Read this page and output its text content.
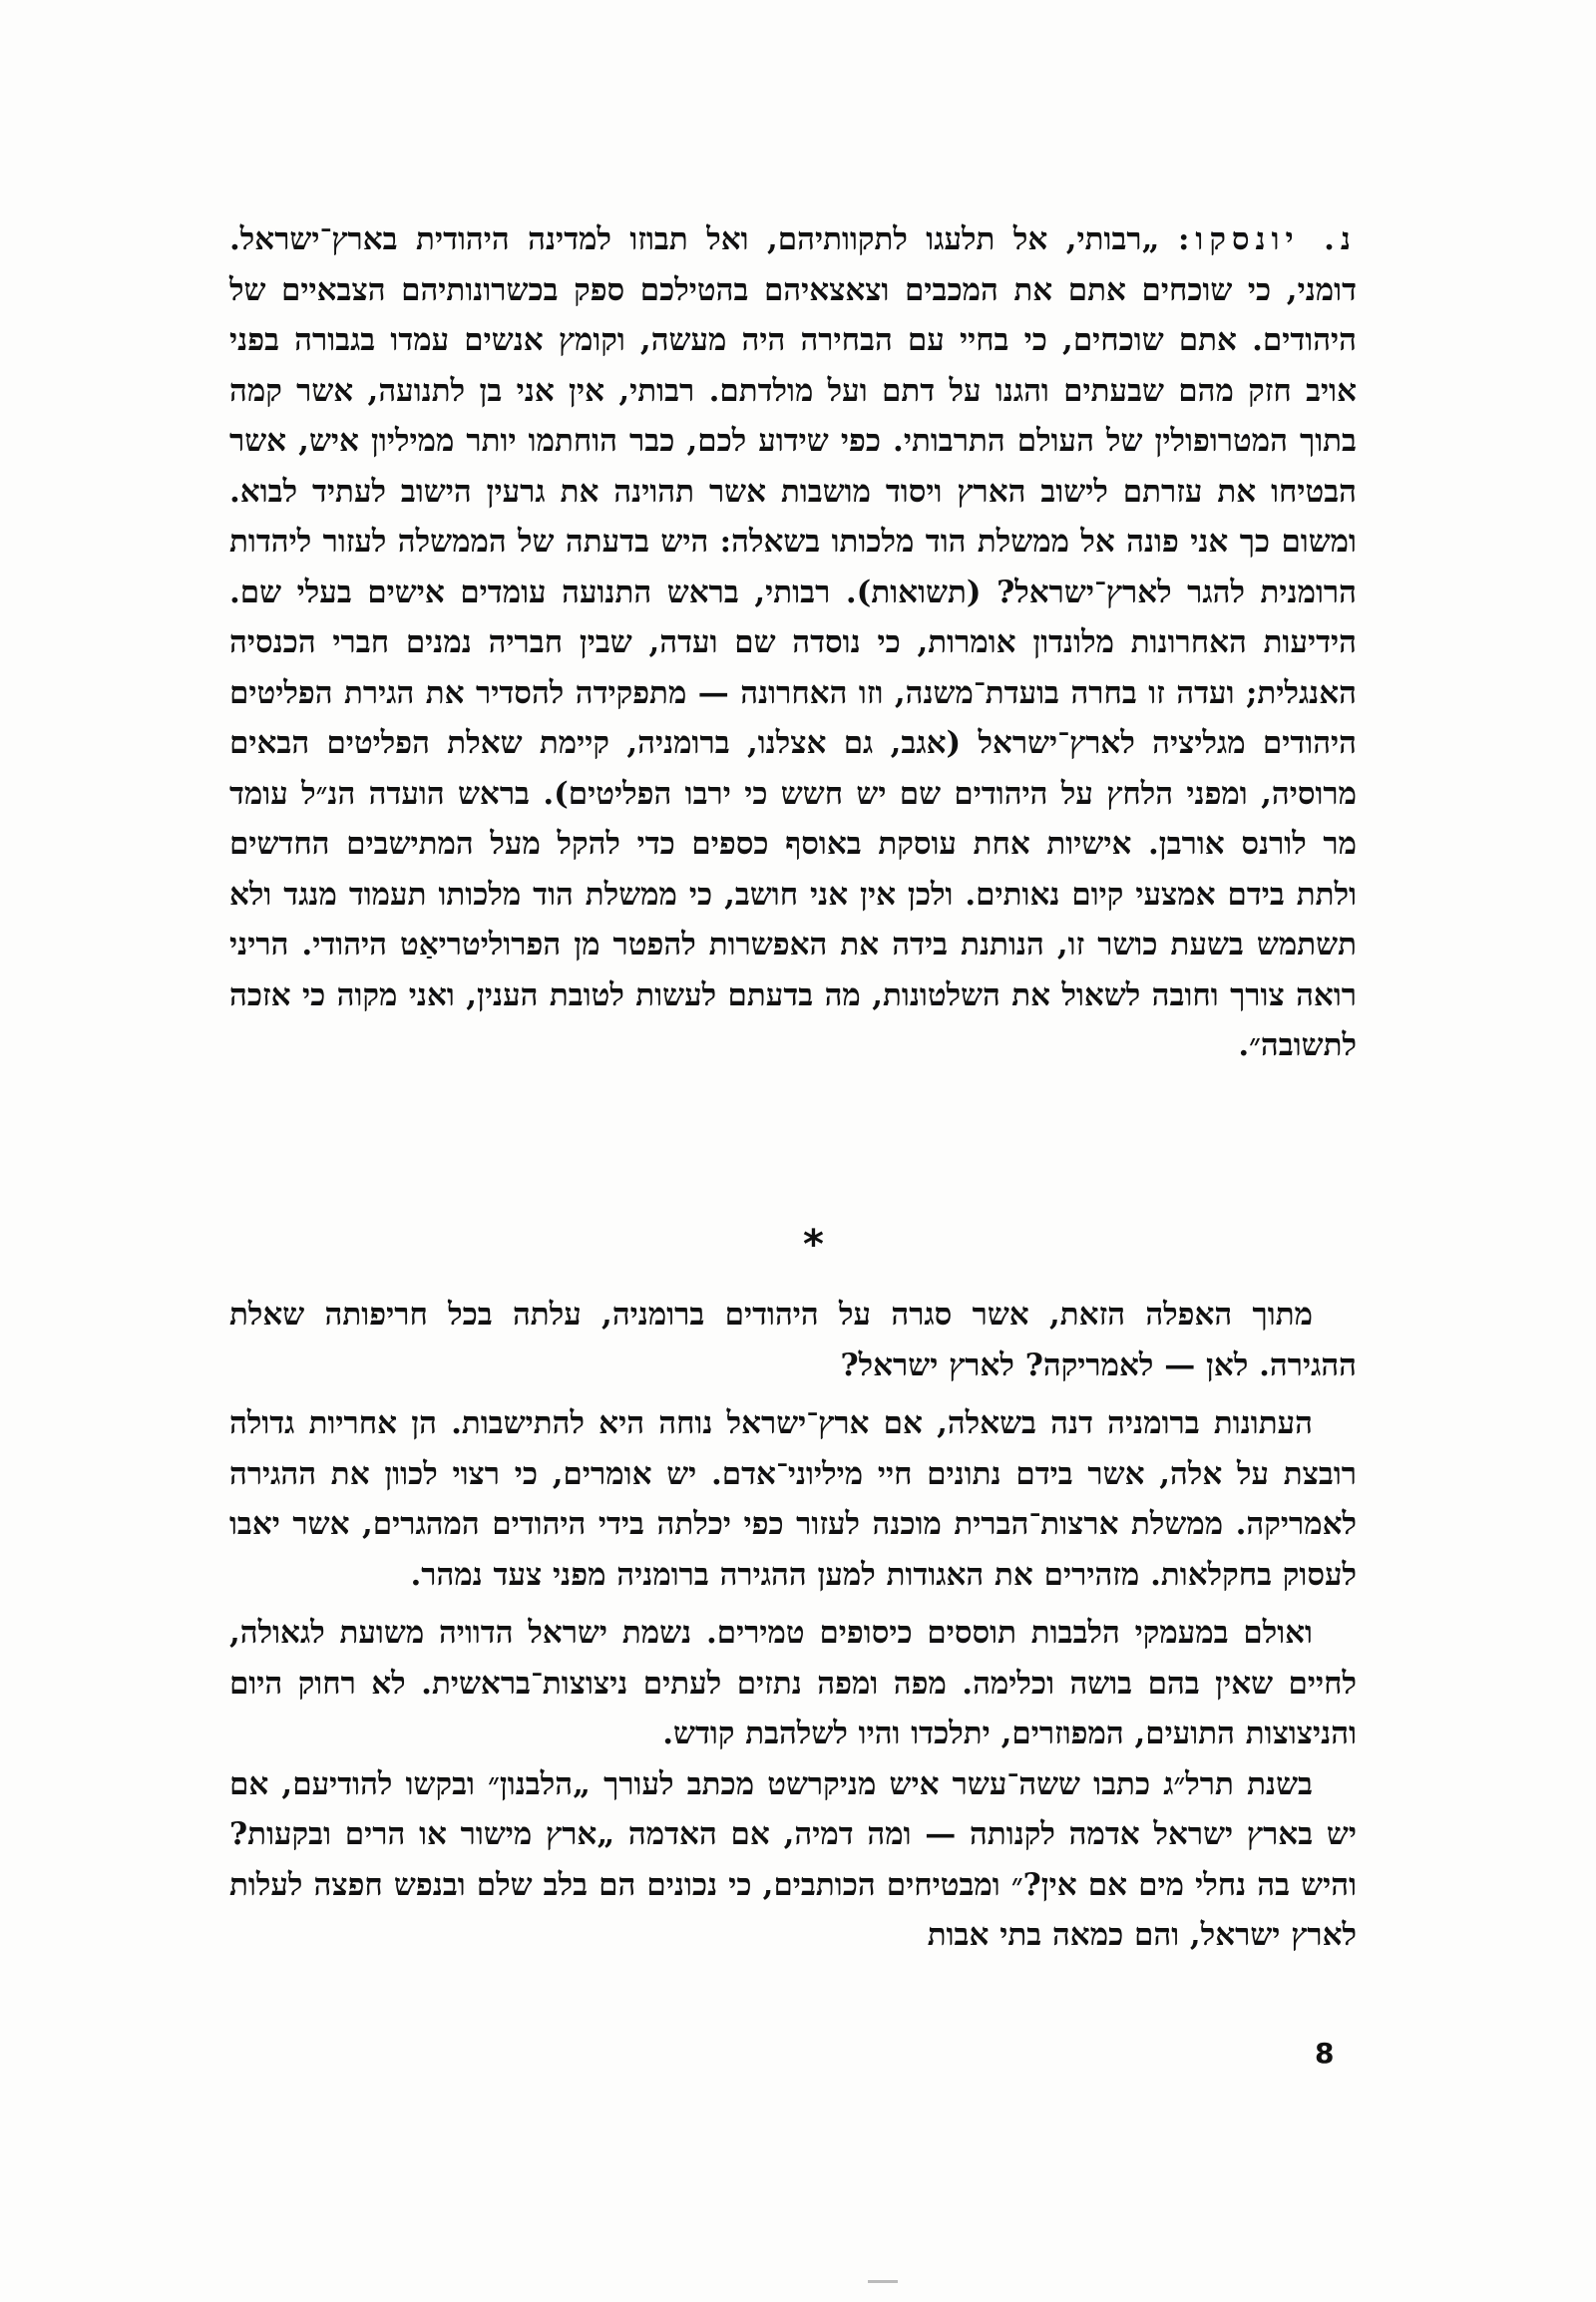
נ. יונסקו: „רבותי, אל תלעגו לתקוותיהם, ואל תבוזו למדינה היהודית בארץ־ישראל. דומני, כי שוכחים אתם את המכבים וצאצאיהם בהטילכם ספק בכשרונותיהם הצבאיים של היהודים. אתם שוכחים, כי בחיי עם הבחירה היה מעשה, וקומץ אנשים עמדו בגבורה בפני אויב חזק מהם שבעתים והגנו על דתם ועל מולדתם. רבותי, אין אני בן לתנועה, אשר קמה בתוך המטרופולין של העולם התרבותי. כפי שידוע לכם, כבר הוחתמו יותר ממיליון איש, אשר הבטיחו את עזרתם לישוב הארץ ויסוד מושבות אשר תהוינה את גרעין הישוב לעתיד לבוא. ומשום כך אני פונה אל ממשלת הוד מלכותו בשאלה: היש בדעתה של הממשלה לעזור ליהדות הרומנית להגר לארץ־ישראל? (תשואות). רבותי, בראש התנועה עומדים אישים בעלי שם. הידיעות האחרונות מלונדון אומרות, כי נוסדה שם ועדה, שבין חבריה נמנים חברי הכנסיה האנגלית; ועדה זו בחרה בועדת־משנה, וזו האחרונה — מתפקידה להסדיר את הגירת הפליטים היהודים מגליציה לארץ־ישראל (אגב, גם אצלנו, ברומניה, קיימת שאלת הפליטים הבאים מרוסיה, ומפני הלחץ על היהודים שם יש חשש כי ירבו הפליטים). בראש הועדה הנ״ל עומד מר לורנס אורבן. אישיות אחת עוסקת באוסף כספים כדי להקל מעל המתישבים החדשים ולתת בידם אמצעי קיום נאותים. ולכן אין אני חושב, כי ממשלת הוד מלכותו תעמוד מנגד ולא תשתמש בשעת כושר זו, הנותנת בידה את האפשרות להפטר מן הפרוליטריאַט היהודי. הריני רואה צורך וחובה לשאול את השלטונות, מה בדעתם לעשות לטובת הענין, ואני מקוה כי אזכה לתשובה״.

*

מתוך האפלה הזאת, אשר סגרה על היהודים ברומניה, עלתה בכל חריפותה שאלת ההגירה. לאן — לאמריקה? לארץ ישראל?

העתונות ברומניה דנה בשאלה, אם ארץ־ישראל נוחה היא להתישבות. הן אחריות גדולה רובצת על אלה, אשר בידם נתונים חיי מיליוני־אדם. יש אומרים, כי רצוי לכוון את ההגירה לאמריקה. ממשלת ארצות־הברית מוכנה לעזור כפי יכלתה בידי היהודים המהגרים, אשר יאבו לעסוק בחקלאות. מזהירים את האגודות למען ההגירה ברומניה מפני צעד נמהר.

ואולם במעמקי הלבבות תוססים כיסופים טמירים. נשמת ישראל הדוויה משועת לגאולה, לחיים שאין בהם בושה וכלימה. מפה ומפה נתזים לעתים ניצוצות־בראשית. לא רחוק היום והניצוצות התועים, המפוזרים, יתלכדו והיו לשלהבת קודש.

בשנת תרל״ג כתבו ששה־עשר איש מניקרשט מכתב לעורך „הלבנון״ ובקשו להודיעם, אם יש בארץ ישראל אדמה לקנותה — ומה דמיה, אם האדמה „ארץ מישור או הרים ובקעות? והיש בה נחלי מים אם אין?״ ומבטיחים הכותבים, כי נכונים הם בלב שלם ובנפש חפצה לעלות לארץ ישראל, והם כמאה בתי אבות

8
